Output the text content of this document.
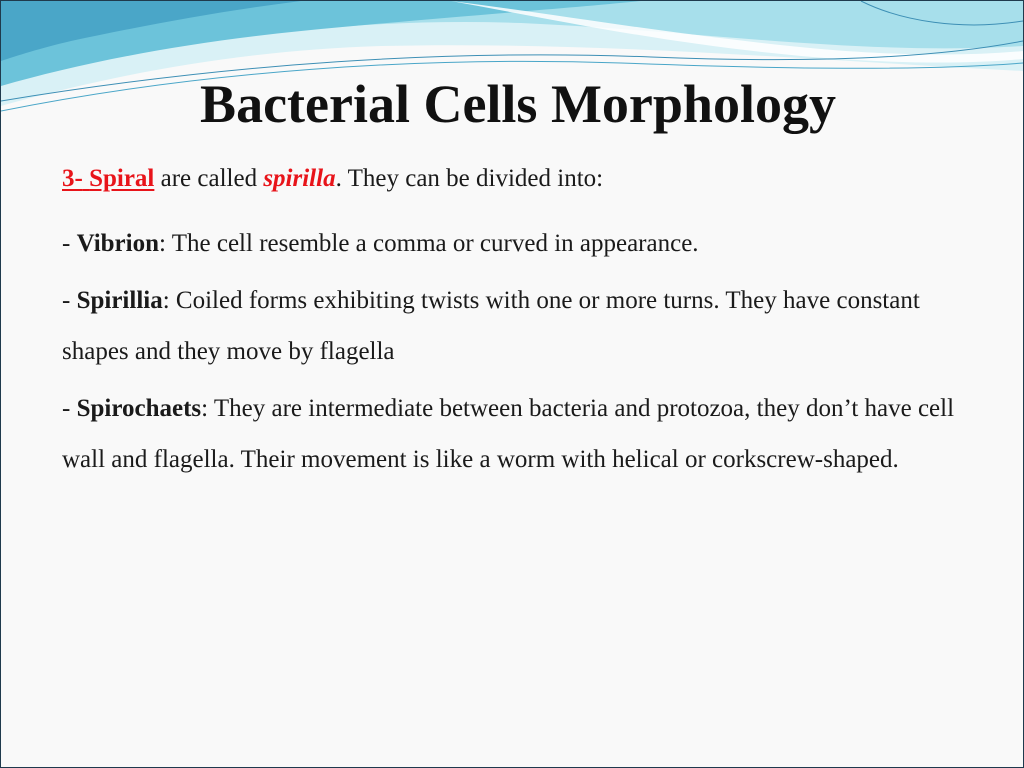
Bacterial Cells Morphology

3- Spiral are called spirilla. They can be divided into:

- Vibrion: The cell resemble a comma or curved in appearance.

- Spirillia: Coiled forms exhibiting twists with one or more turns. They have constant shapes and they move by flagella

- Spirochaets: They are intermediate between bacteria and protozoa, they don’t have cell wall and flagella. Their movement is like a worm with helical or corkscrew-shaped.
